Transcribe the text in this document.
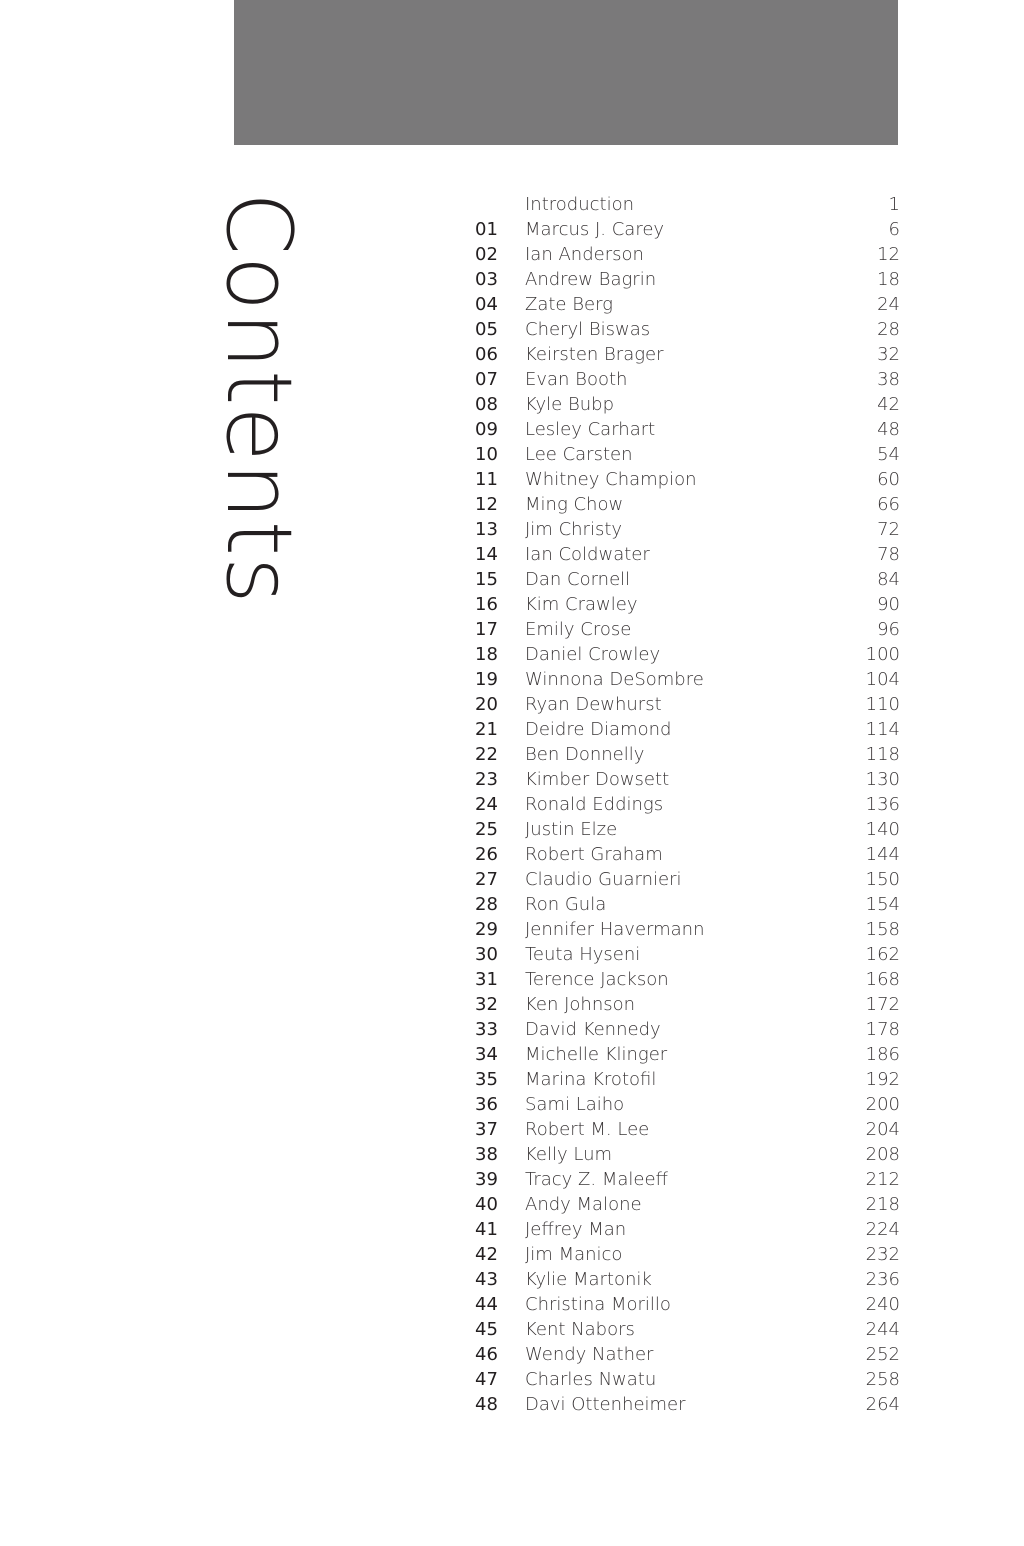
Contents	Introduction	1
01	Marcus J. Carey	6
02	Ian Anderson	12
03	Andrew Bagrin	18
04	Zate Berg	24
05	Cheryl Biswas	28
06	Keirsten Brager	32
07	Evan Booth	38
08	Kyle Bubp	42
09	Lesley Carhart	48
10	Lee Carsten	54
11	Whitney Champion	60
12	Ming Chow	66
13	Jim Christy	72
14	Ian Coldwater	78
15	Dan Cornell	84
16	Kim Crawley	90
17	Emily Crose	96
18	Daniel Crowley	100
19	Winnona DeSombre	104
20	Ryan Dewhurst	110
21	Deidre Diamond	114
22	Ben Donnelly	118
23	Kimber Dowsett	130
24	Ronald Eddings	136
25	Justin Elze	140
26	Robert Graham	144
27	Claudio Guarnieri	150
28	Ron Gula	154
29	Jennifer Havermann	158
30	Teuta Hyseni	162
31	Terence Jackson	168
32	Ken Johnson	172
33	David Kennedy	178
34	Michelle Klinger	186
35	Marina Krotofil	192
36	Sami Laiho	200
37	Robert M. Lee	204
38	Kelly Lum	208
39	Tracy Z. Maleeff	212
40	Andy Malone	218
41	Jeffrey Man	224
42	Jim Manico	232
43	Kylie Martonik	236
44	Christina Morillo	240
45	Kent Nabors	244
46	Wendy Nather	252
47	Charles Nwatu	258
48	Davi Ottenheimer	264
